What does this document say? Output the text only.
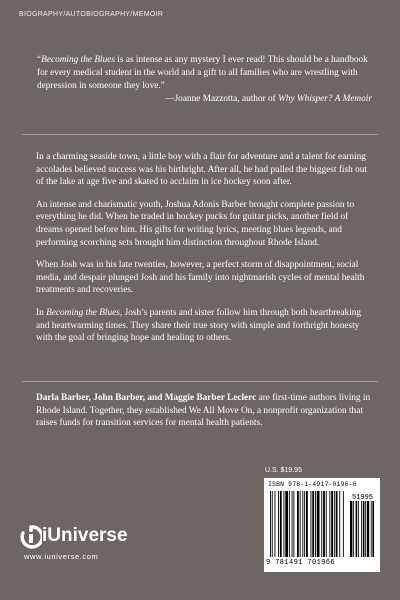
BIOGRAPHY/AUTOBIOGRAPHY/MEMOIR

“Becoming the Blues is as intense as any mystery I ever read! This should be a handbook for every medical student in the world and a gift to all families who are wrestling with depression in someone they love.”

—Joanne Mazzotta, author of Why Whisper? A Memoir

In a charming seaside town, a little boy with a flair for adventure and a talent for earning accolades believed success was his birthright. After all, he had pulled the biggest fish out of the lake at age five and skated to acclaim in ice hockey soon after.

An intense and charismatic youth, Joshua Adonis Barber brought complete passion to everything he did. When he traded in hockey pucks for guitar picks, another field of dreams opened before him. His gifts for writing lyrics, meeting blues legends, and performing scorching sets brought him distinction throughout Rhode Island.

When Josh was in his late twenties, however, a perfect storm of disappointment, social media, and despair plunged Josh and his family into nightmarish cycles of mental health treatments and recoveries.

In Becoming the Blues, Josh’s parents and sister follow him through both heartbreaking and heartwarming times. They share their true story with simple and forthright honesty with the goal of bringing hope and healing to others.

Darla Barber, John Barber, and Maggie Barber Leclerc are first-time authors living in Rhode Island. Together, they established We All Move On, a nonprofit organization that raises funds for transition services for mental health patients.

U.S. $19.95
ISBN 978-1-4917-0196-6
51995
9 781491 701966
iUniverse
www.iuniverse.com
